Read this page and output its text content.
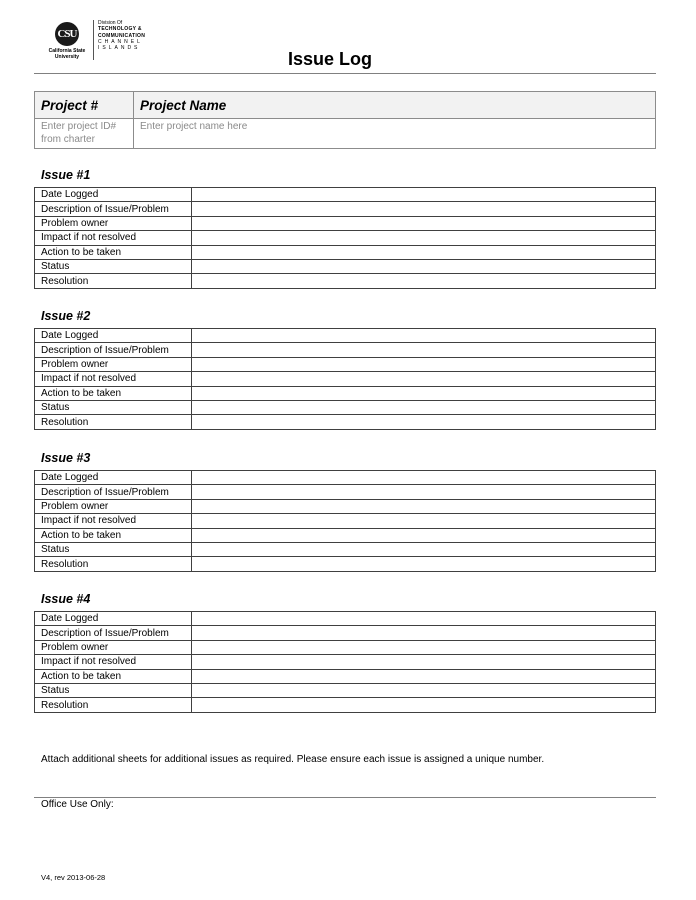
CSU
California State
University
Division Of
TECHNOLOGY &
COMMUNICATION
CHANNEL
ISLANDS
Issue Log
Project #	Project Name
Enter project ID# from charter	Enter project name here
Issue #1
Date Logged	
Description of Issue/Problem	
Problem owner	
Impact if not resolved	
Action to be taken	
Status	
Resolution	
Issue #2
Date Logged	
Description of Issue/Problem	
Problem owner	
Impact if not resolved	
Action to be taken	
Status	
Resolution	
Issue #3
Date Logged	
Description of Issue/Problem	
Problem owner	
Impact if not resolved	
Action to be taken	
Status	
Resolution	
Issue #4
Date Logged	
Description of Issue/Problem	
Problem owner	
Impact if not resolved	
Action to be taken	
Status	
Resolution	
Attach additional sheets for additional issues as required. Please ensure each issue is assigned a unique number.
Office Use Only:
V4, rev 2013-06-28
